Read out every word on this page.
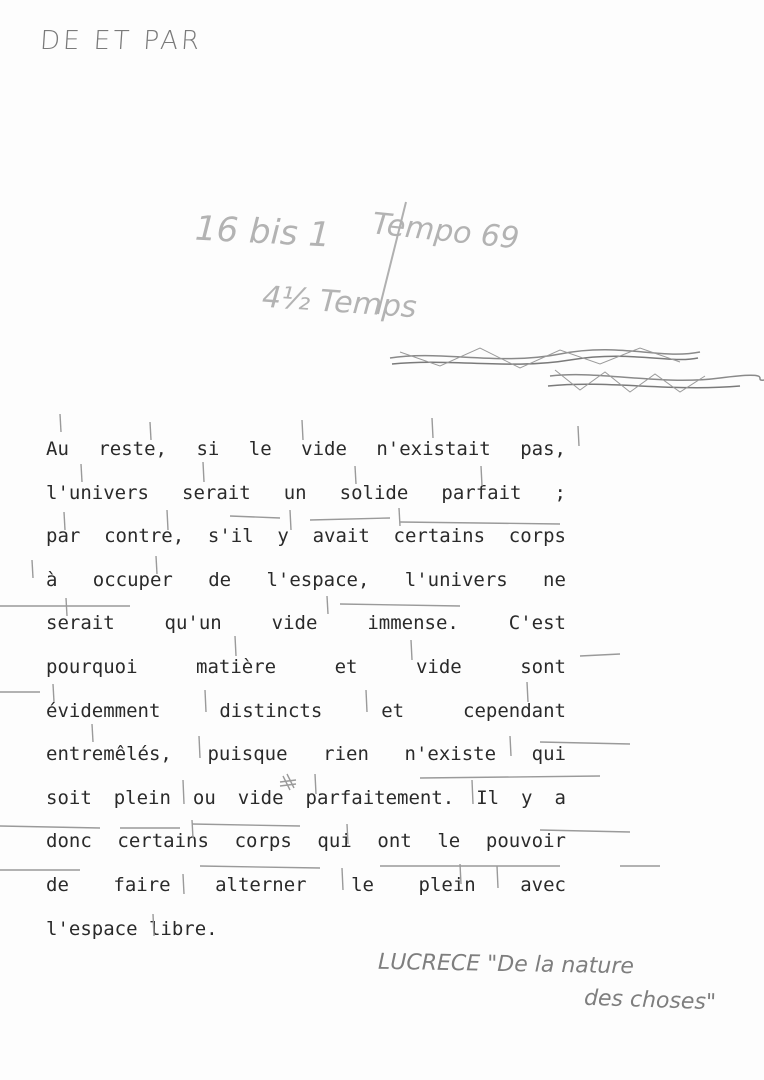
DE ET PAR
16 bis 1 Tempo 69
4½ Temps
Au reste, si le vide n'existait pas,
l'univers serait un solide parfait ;
par contre, s'il y avait certains corps
à occuper de l'espace, l'univers ne
serait	qu'un	vide	immense.	C'est
pourquoi	matière	et	vide	sont
évidemment	distincts	et	cependant
entremêlés, puisque rien n'existe qui
soit plein ou vide parfaitement. Il y a
donc certains corps qui ont le pouvoir
de faire alterner le plein avec
l'espace
libre.
LUCRECE "De la nature
des choses"
